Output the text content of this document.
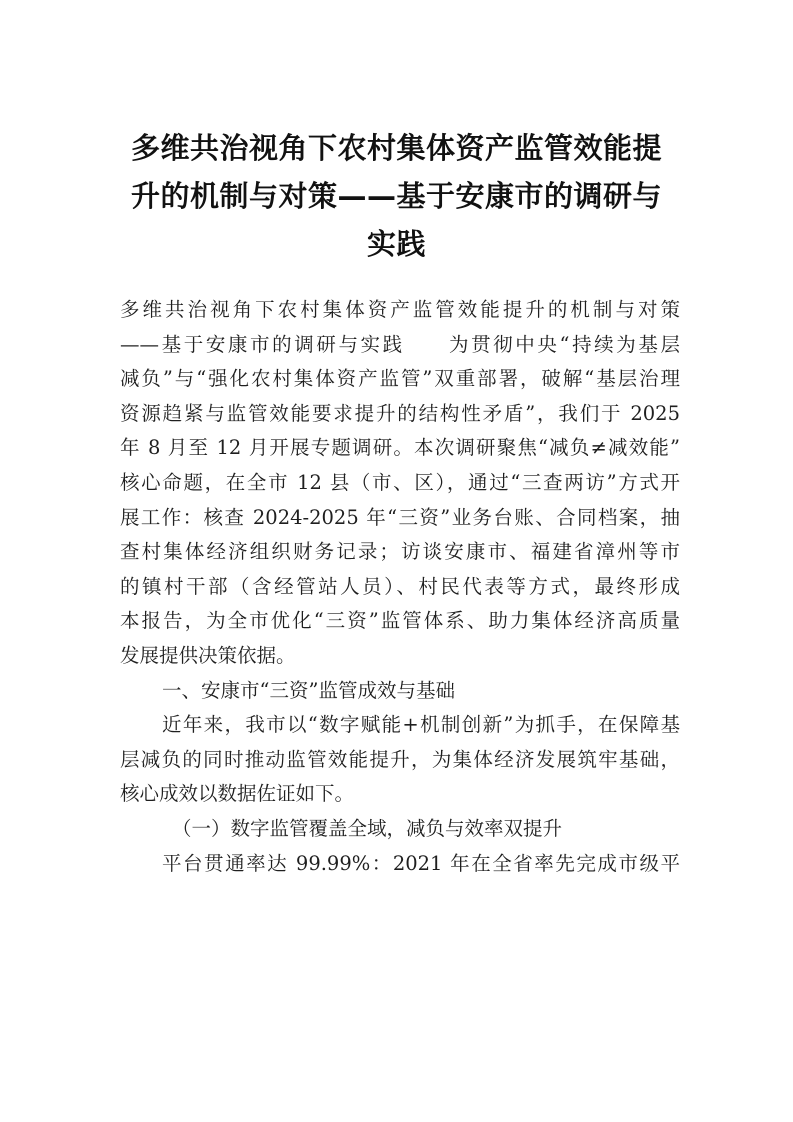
多维共治视角下农村集体资产监管效能提
升的机制与对策——基于安康市的调研与
实践
多维共治视角下农村集体资产监管效能提升的机制与对策
——基于安康市的调研与实践　　为贯彻中央“持续为基层
减负”与“强化农村集体资产监管”双重部署，破解“基层治理
资源趋紧与监管效能要求提升的结构性矛盾”，我们于 2025
年 8 月至 12 月开展专题调研。本次调研聚焦“减负≠减效能”
核心命题，在全市 12 县（市、区），通过“三查两访”方式开
展工作：核查 2024-2025 年“三资”业务台账、合同档案，抽
查村集体经济组织财务记录；访谈安康市、福建省漳州等市
的镇村干部（含经管站人员）、村民代表等方式，最终形成
本报告，为全市优化“三资”监管体系、助力集体经济高质量
发展提供决策依据。
一、安康市“三资”监管成效与基础
近年来，我市以“数字赋能+机制创新”为抓手，在保障基
层减负的同时推动监管效能提升，为集体经济发展筑牢基础，
核心成效以数据佐证如下。
（一）数字监管覆盖全域，减负与效率双提升
平台贯通率达 99.99%：2021 年在全省率先完成市级平
